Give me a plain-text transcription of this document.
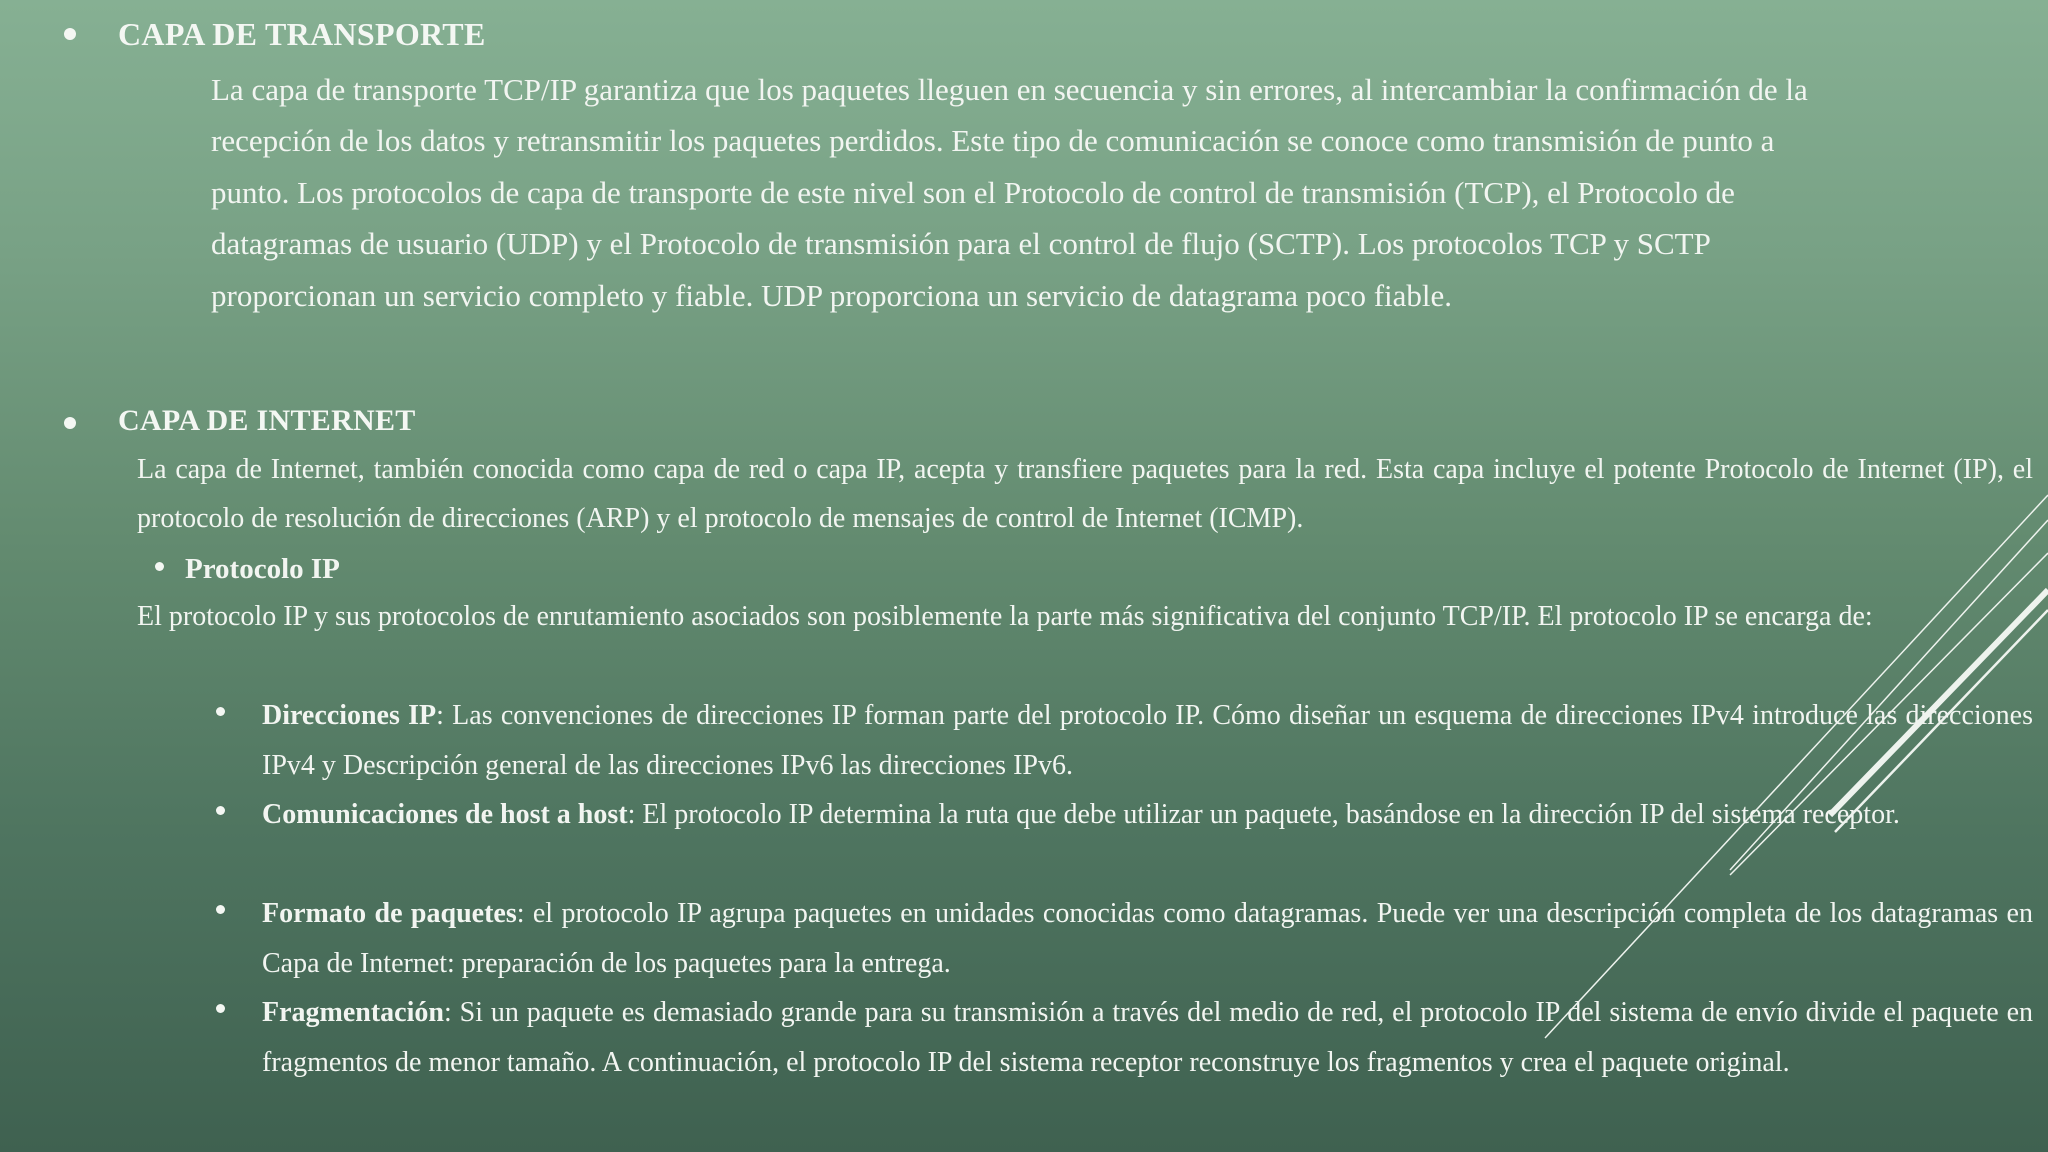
CAPA DE TRANSPORTE

La capa de transporte TCP/IP garantiza que los paquetes lleguen en secuencia y sin errores, al intercambiar la confirmación de la recepción de los datos y retransmitir los paquetes perdidos. Este tipo de comunicación se conoce como transmisión de punto a punto. Los protocolos de capa de transporte de este nivel son el Protocolo de control de transmisión (TCP), el Protocolo de datagramas de usuario (UDP) y el Protocolo de transmisión para el control de flujo (SCTP). Los protocolos TCP y SCTP proporcionan un servicio completo y fiable. UDP proporciona un servicio de datagrama poco fiable.

CAPA DE INTERNET

La capa de Internet, también conocida como capa de red o capa IP, acepta y transfiere paquetes para la red. Esta capa incluye el potente Protocolo de Internet (IP), el protocolo de resolución de direcciones (ARP) y el protocolo de mensajes de control de Internet (ICMP).

Protocolo IP

El protocolo IP y sus protocolos de enrutamiento asociados son posiblemente la parte más significativa del conjunto TCP/IP. El protocolo IP se encarga de:

Direcciones IP: Las convenciones de direcciones IP forman parte del protocolo IP. Cómo diseñar un esquema de direcciones IPv4 introduce las direcciones IPv4 y Descripción general de las direcciones IPv6 las direcciones IPv6.

Comunicaciones de host a host: El protocolo IP determina la ruta que debe utilizar un paquete, basándose en la dirección IP del sistema receptor.

Formato de paquetes: el protocolo IP agrupa paquetes en unidades conocidas como datagramas. Puede ver una descripción completa de los datagramas en Capa de Internet: preparación de los paquetes para la entrega.

Fragmentación: Si un paquete es demasiado grande para su transmisión a través del medio de red, el protocolo IP del sistema de envío divide el paquete en fragmentos de menor tamaño. A continuación, el protocolo IP del sistema receptor reconstruye los fragmentos y crea el paquete original.
